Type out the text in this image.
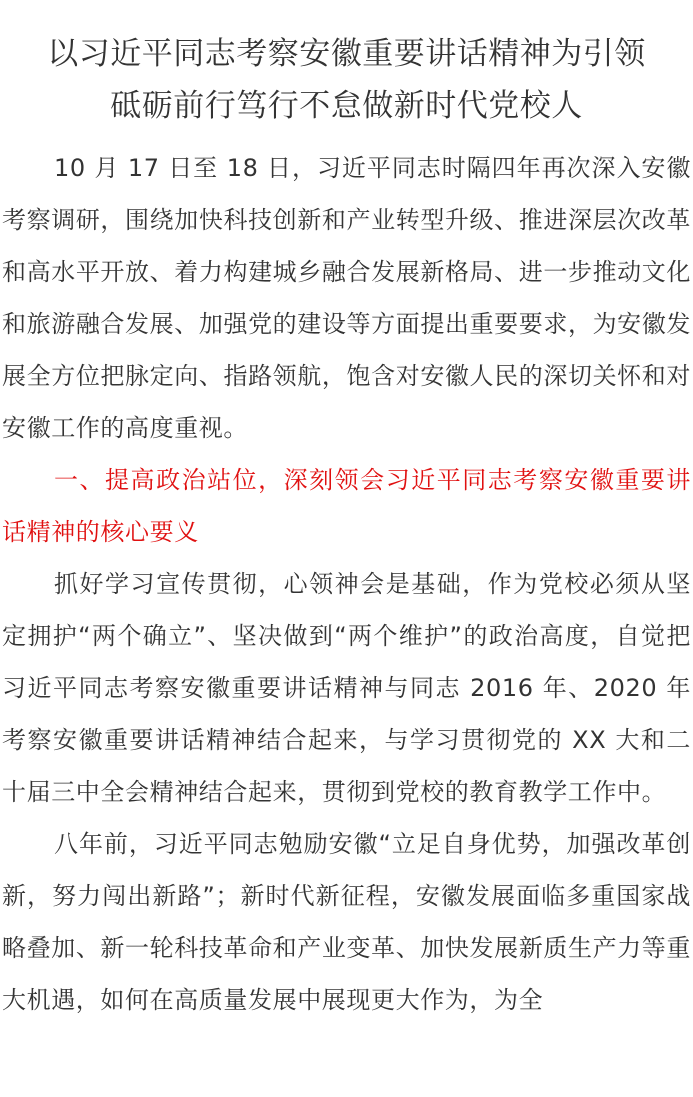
以习近平同志考察安徽重要讲话精神为引领
砥砺前行笃行不怠做新时代党校人

10 月 17 日至 18 日，习近平同志时隔四年再次深入安徽考察调研，围绕加快科技创新和产业转型升级、推进深层次改革和高水平开放、着力构建城乡融合发展新格局、进一步推动文化和旅游融合发展、加强党的建设等方面提出重要要求，为安徽发展全方位把脉定向、指路领航，饱含对安徽人民的深切关怀和对安徽工作的高度重视。

一、提高政治站位，深刻领会习近平同志考察安徽重要讲话精神的核心要义

抓好学习宣传贯彻，心领神会是基础，作为党校必须从坚定拥护“两个确立”、坚决做到“两个维护”的政治高度，自觉把习近平同志考察安徽重要讲话精神与同志 2016 年、2020 年考察安徽重要讲话精神结合起来，与学习贯彻党的 XX 大和二十届三中全会精神结合起来，贯彻到党校的教育教学工作中。

八年前，习近平同志勉励安徽“立足自身优势，加强改革创新，努力闯出新路”；新时代新征程，安徽发展面临多重国家战略叠加、新一轮科技革命和产业变革、加快发展新质生产力等重大机遇，如何在高质量发展中展现更大作为，为全
